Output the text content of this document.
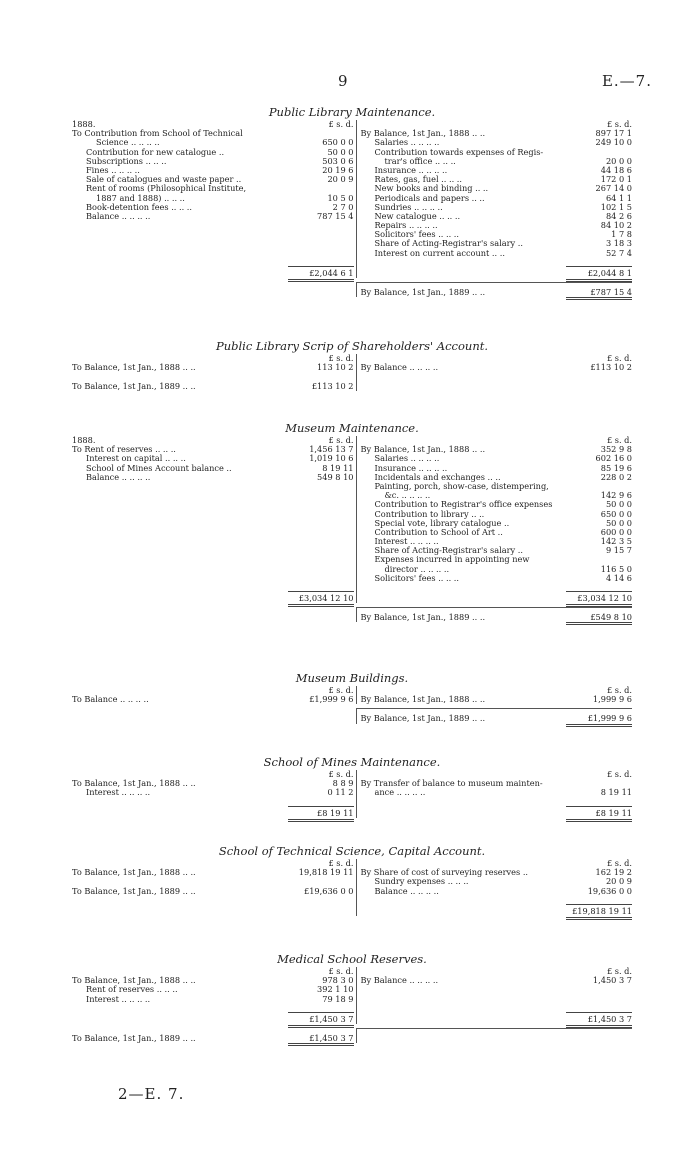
9	E.—7.
Public Library Maintenance.
1888.	£ s. d.
To Contribution from School of Technical
Science .. .. .. ..	650 0 0
Contribution for new catalogue ..	50 0 0
Subscriptions .. .. ..	503 0 6
Fines .. .. .. ..	20 19 6
Sale of catalogues and waste paper ..	20 0 9
Rent of rooms (Philosophical Institute,
1887 and 1888) .. .. ..	10 5 0
Book-detention fees .. .. ..	2 7 0
Balance .. .. .. ..	787 15 4
£2,044 6 1
£ s. d.
By Balance, 1st Jan., 1888 .. ..	897 17 1
Salaries .. .. .. ..	249 10 0
Contribution towards expenses of Regis-
trar's office .. .. ..	20 0 0
Insurance .. .. .. ..	44 18 6
Rates, gas, fuel .. .. ..	172 0 1
New books and binding .. ..	267 14 0
Periodicals and papers .. ..	64 1 1
Sundries .. .. .. ..	102 1 5
New catalogue .. .. ..	84 2 6
Repairs .. .. .. ..	84 10 2
Solicitors' fees .. .. ..	1 7 8
Share of Acting-Registrar's salary ..	3 18 3
Interest on current account .. ..	52 7 4
£2,044 8 1
By Balance, 1st Jan., 1889 .. ..	£787 15 4
Public Library Scrip of Shareholders' Account.
£ s. d.
To Balance, 1st Jan., 1888 .. ..	113 10 2
To Balance, 1st Jan., 1889 .. ..	£113 10 2
£ s. d.
By Balance .. .. .. ..	£113 10 2
Museum Maintenance.
1888.	£ s. d.
To Rent of reserves .. .. ..	1,456 13 7
Interest on capital .. .. ..	1,019 10 6
School of Mines Account balance ..	8 19 11
Balance .. .. .. ..	549 8 10
£3,034 12 10
£ s. d.
By Balance, 1st Jan., 1888 .. ..	352 9 8
Salaries .. .. .. ..	602 16 0
Insurance .. .. .. ..	85 19 6
Incidentals and exchanges .. ..	228 0 2
Painting, porch, show-case, distempering,
&c. .. .. .. ..	142 9 6
Contribution to Registrar's office expenses	50 0 0
Contribution to library .. ..	650 0 0
Special vote, library catalogue ..	50 0 0
Contribution to School of Art ..	600 0 0
Interest .. .. .. ..	142 3 5
Share of Acting-Registrar's salary ..	9 15 7
Expenses incurred in appointing new
director .. .. .. ..	116 5 0
Solicitors' fees .. .. ..	4 14 6
£3,034 12 10
By Balance, 1st Jan., 1889 .. ..	£549 8 10
Museum Buildings.
£ s. d.
To Balance .. .. .. ..	£1,999 9 6
£ s. d.
By Balance, 1st Jan., 1888 .. ..	1,999 9 6
By Balance, 1st Jan., 1889 .. ..	£1,999 9 6
School of Mines Maintenance.
£ s. d.
To Balance, 1st Jan., 1888 .. ..	8 8 9
Interest .. .. .. ..	0 11 2
£8 19 11
£ s. d.
By Transfer of balance to museum mainten-
ance .. .. .. ..	8 19 11
£8 19 11
School of Technical Science, Capital Account.
£ s. d.
To Balance, 1st Jan., 1888 .. ..	19,818 19 11
To Balance, 1st Jan., 1889 .. ..	£19,636 0 0
£ s. d.
By Share of cost of surveying reserves ..	162 19 2
Sundry expenses .. .. ..	20 0 9
Balance .. .. .. ..	19,636 0 0
£19,818 19 11
Medical School Reserves.
£ s. d.
To Balance, 1st Jan., 1888 .. ..	978 3 0
Rent of reserves .. .. ..	392 1 10
Interest .. .. .. ..	79 18 9
£1,450 3 7
£ s. d.
By Balance .. .. .. ..	1,450 3 7
£1,450 3 7
To Balance, 1st Jan., 1889 .. ..	£1,450 3 7
2—E. 7.
